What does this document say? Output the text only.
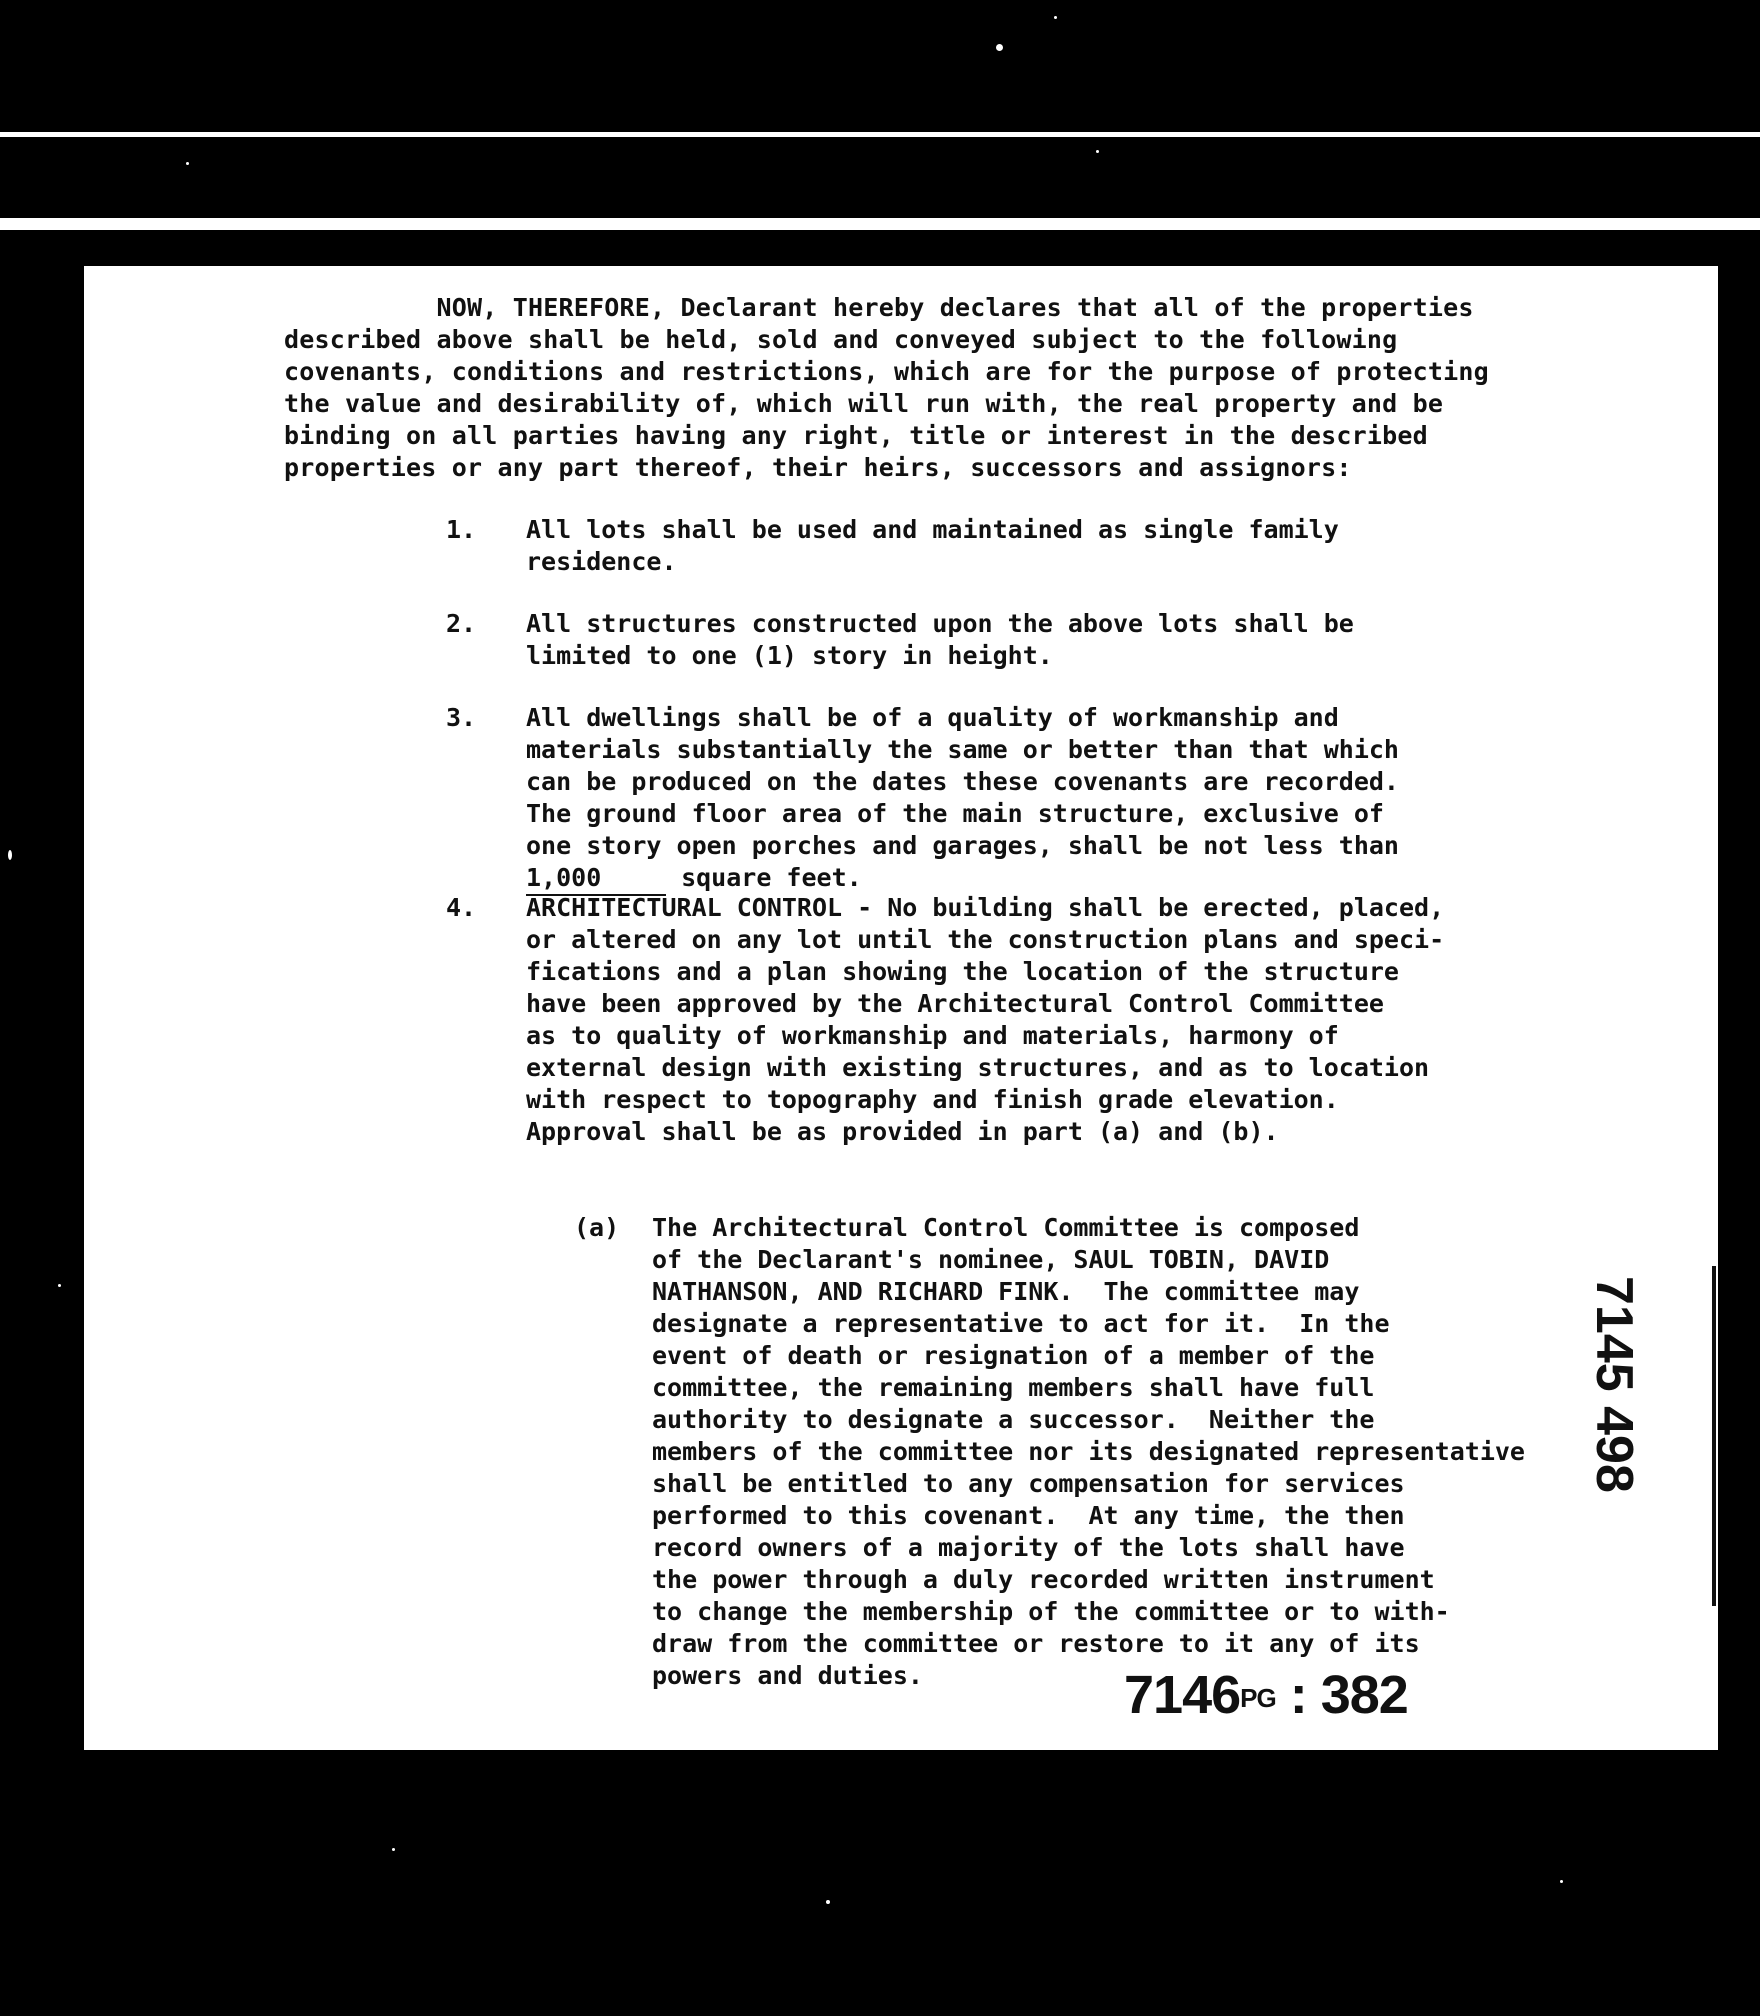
NOW, THEREFORE, Declarant hereby declares that all of the properties
described above shall be held, sold and conveyed subject to the following
covenants, conditions and restrictions, which are for the purpose of protecting
the value and desirability of, which will run with, the real property and be
binding on all parties having any right, title or interest in the described
properties or any part thereof, their heirs, successors and assignors:
1. All lots shall be used and maintained as single family
residence.
2. All structures constructed upon the above lots shall be
limited to one (1) story in height.
3. All dwellings shall be of a quality of workmanship and
materials substantially the same or better than that which
can be produced on the dates these covenants are recorded.
The ground floor area of the main structure, exclusive of
one story open porches and garages, shall be not less than
1,000	square feet.
4. ARCHITECTURAL CONTROL - No building shall be erected, placed,
or altered on any lot until the construction plans and speci-
fications and a plan showing the location of the structure
have been approved by the Architectural Control Committee
as to quality of workmanship and materials, harmony of
external design with existing structures, and as to location
with respect to topography and finish grade elevation.
Approval shall be as provided in part (a) and (b).
(a) The Architectural Control Committee is composed
of the Declarant's nominee, SAUL TOBIN, DAVID
NATHANSON, AND RICHARD FINK.  The committee may
designate a representative to act for it.  In the
event of death or resignation of a member of the
committee, the remaining members shall have full
authority to designate a successor.  Neither the
members of the committee nor its designated representative
shall be entitled to any compensation for services
performed to this covenant.  At any time, the then
record owners of a majority of the lots shall have
the power through a duly recorded written instrument
to change the membership of the committee or to with-
draw from the committee or restore to it any of its
powers and duties.	7146PG : 382
7145 498
